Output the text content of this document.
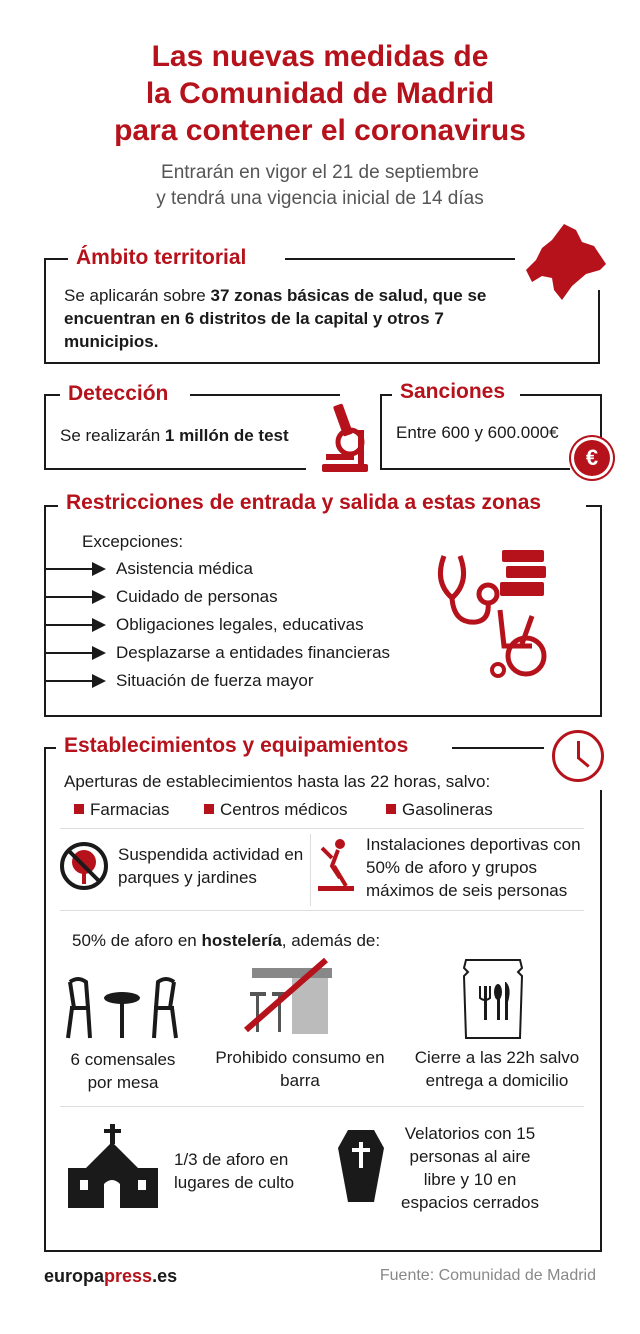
Las nuevas medidas de
la Comunidad de Madrid
para contener el coronavirus
Entrarán en vigor el 21 de septiembre
y tendrá una vigencia inicial de 14 días
Ámbito territorial
Se aplicarán sobre 37 zonas básicas de salud, que se encuentran en 6 distritos de la capital y otros 7 municipios.
Detección
Se realizarán 1 millón de test
Sanciones
Entre 600 y 600.000€
€
Restricciones de entrada y salida a estas zonas
Excepciones:
Asistencia médica
Cuidado de personas
Obligaciones legales, educativas
Desplazarse a entidades financieras
Situación de fuerza mayor
Establecimientos y equipamientos
Aperturas de establecimientos hasta las 22 horas, salvo:
Farmacias	Centros médicos	Gasolineras
Suspendida actividad en parques y jardines
Instalaciones deportivas con 50% de aforo y grupos máximos de seis personas
50% de aforo en hostelería, además de:
6 comensales por mesa
Prohibido consumo en barra
Cierre a las 22h salvo entrega a domicilio
1/3 de aforo en lugares de culto
Velatorios con 15 personas al aire libre y 10 en espacios cerrados
europapress.es	Fuente: Comunidad de Madrid
